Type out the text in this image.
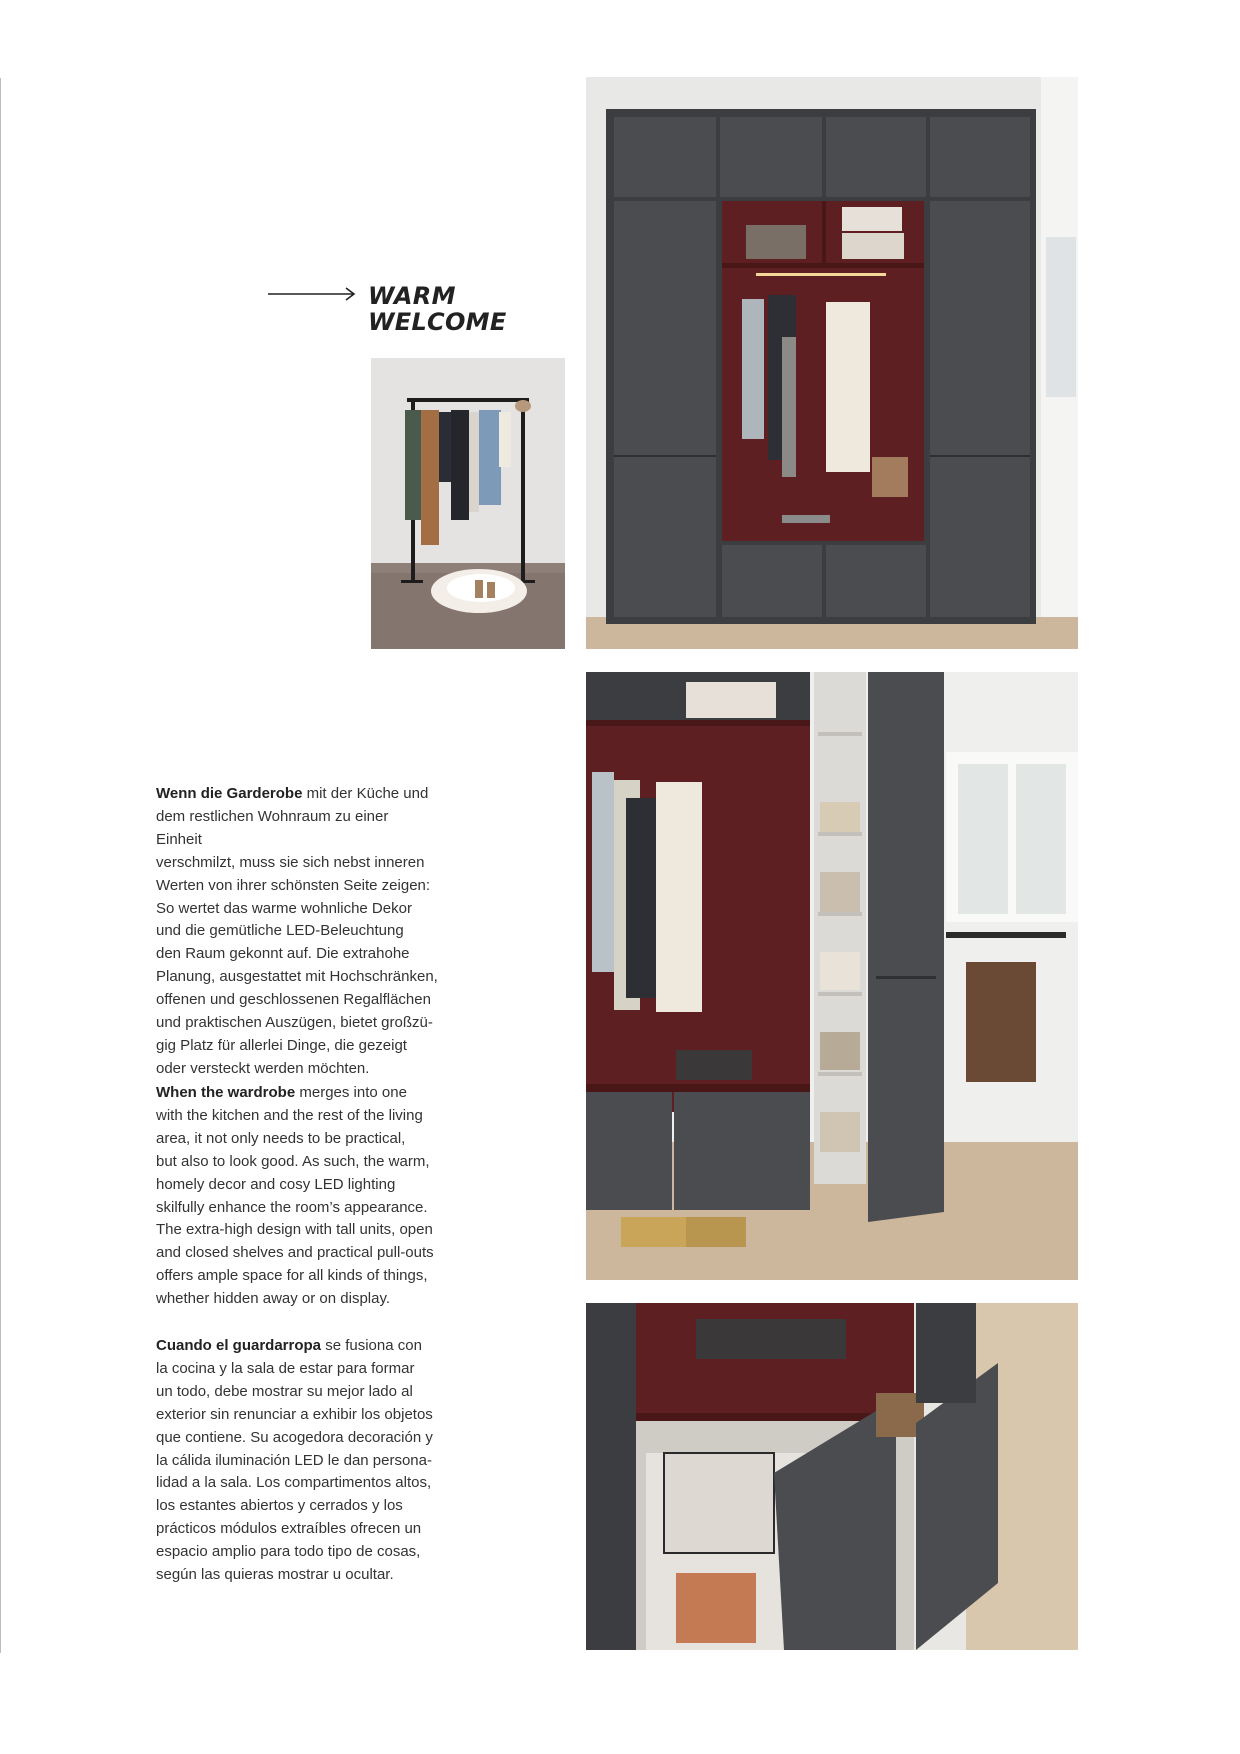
WARM
WELCOME

Wenn die Garderobe mit der Küche und
dem restlichen Wohnraum zu einer Einheit
verschmilzt, muss sie sich nebst inneren
Werten von ihrer schönsten Seite zeigen:
So wertet das warme wohnliche Dekor
und die gemütliche LED-Beleuchtung
den Raum gekonnt auf. Die extrahohe
Planung, ausgestattet mit Hochschränken,
offenen und geschlossenen Regalflächen
und praktischen Auszügen, bietet großzü-
gig Platz für allerlei Dinge, die gezeigt
oder versteckt werden möchten.

When the wardrobe merges into one
with the kitchen and the rest of the living
area, it not only needs to be practical,
but also to look good. As such, the warm,
homely decor and cosy LED lighting
skilfully enhance the room’s appearance.
The extra-high design with tall units, open
and closed shelves and practical pull-outs
offers ample space for all kinds of things,
whether hidden away or on display.

Cuando el guardarropa se fusiona con
la cocina y la sala de estar para formar
un todo, debe mostrar su mejor lado al
exterior sin renunciar a exhibir los objetos
que contiene. Su acogedora decoración y
la cálida iluminación LED le dan persona-
lidad a la sala. Los compartimentos altos,
los estantes abiertos y cerrados y los
prácticos módulos extraíbles ofrecen un
espacio amplio para todo tipo de cosas,
según las quieras mostrar u ocultar.
